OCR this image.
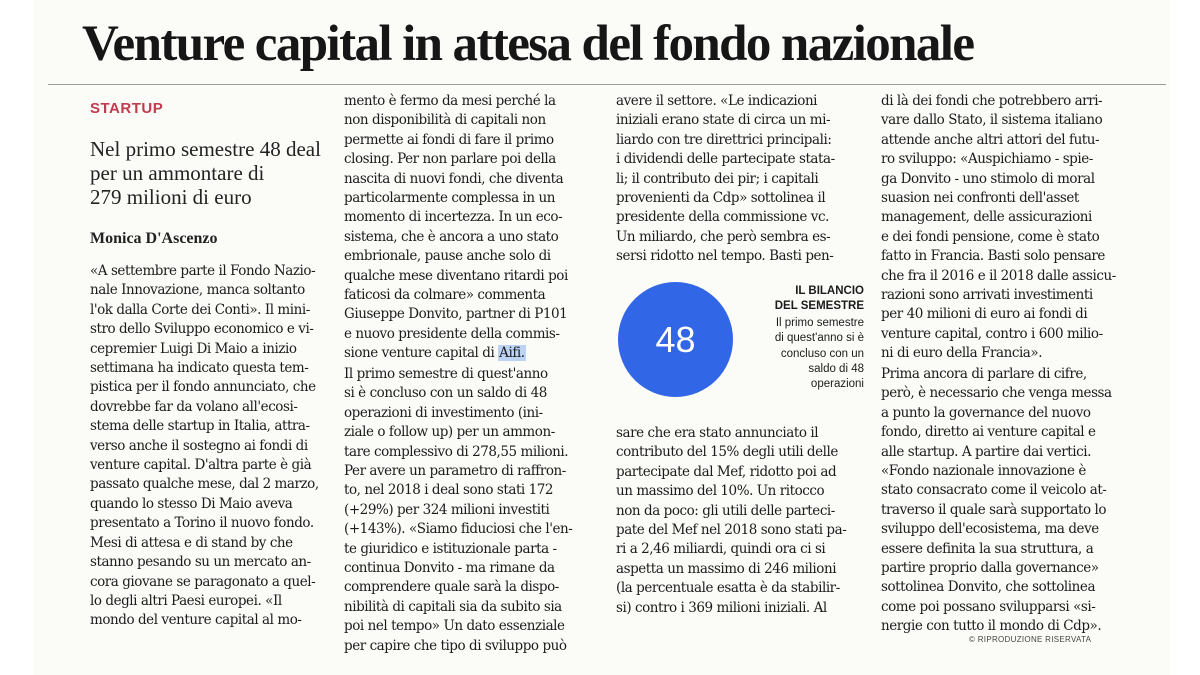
Venture capital in attesa del fondo nazionale

STARTUP

Nel primo semestre 48 deal
per un ammontare di
279 milioni di euro

Monica D'Ascenzo

«A settembre parte il Fondo Nazio-

nale Innovazione, manca soltanto

l'ok dalla Corte dei Conti». Il mini-

stro dello Sviluppo economico e vi-

cepremier Luigi Di Maio a inizio

settimana ha indicato questa tem-

pistica per il fondo annunciato, che

dovrebbe far da volano all'ecosi-

stema delle startup in Italia, attra-

verso anche il sostegno ai fondi di

venture capital. D'altra parte è già

passato qualche mese, dal 2 marzo,

quando lo stesso Di Maio aveva

presentato a Torino il nuovo fondo.

Mesi di attesa e di stand by che

stanno pesando su un mercato an-

cora giovane se paragonato a quel-

lo degli altri Paesi europei. «Il

mondo del venture capital al mo-

mento è fermo da mesi perché la

non disponibilità di capitali non

permette ai fondi di fare il primo

closing. Per non parlare poi della

nascita di nuovi fondi, che diventa

particolarmente complessa in un

momento di incertezza. In un eco-

sistema, che è ancora a uno stato

embrionale, pause anche solo di

qualche mese diventano ritardi poi

faticosi da colmare» commenta

Giuseppe Donvito, partner di P101

e nuovo presidente della commis-

sione venture capital di Aifi.

Il primo semestre di quest'anno

si è concluso con un saldo di 48

operazioni di investimento (ini-

ziale o follow up) per un ammon-

tare complessivo di 278,55 milioni.

Per avere un parametro di raffron-

to, nel 2018 i deal sono stati 172

(+29%) per 324 milioni investiti

(+143%). «Siamo fiduciosi che l'en-

te giuridico e istituzionale parta -

continua Donvito - ma rimane da

comprendere quale sarà la dispo-

nibilità di capitali sia da subito sia

poi nel tempo» Un dato essenziale

per capire che tipo di sviluppo può

avere il settore. «Le indicazioni

iniziali erano state di circa un mi-

liardo con tre direttrici principali:

i dividendi delle partecipate stata-

li; il contributo dei pir; i capitali

provenienti da Cdp» sottolinea il

presidente della commissione vc.

Un miliardo, che però sembra es-

sersi ridotto nel tempo. Basti pen-

48

IL BILANCIO
DEL SEMESTRE

Il primo semestre
di quest'anno si è
concluso con un
saldo di 48
operazioni

sare che era stato annunciato il

contributo del 15% degli utili delle

partecipate dal Mef, ridotto poi ad

un massimo del 10%. Un ritocco

non da poco: gli utili delle parteci-

pate del Mef nel 2018 sono stati pa-

ri a 2,46 miliardi, quindi ora ci si

aspetta un massimo di 246 milioni

(la percentuale esatta è da stabilir-

si) contro i 369 milioni iniziali. Al

di là dei fondi che potrebbero arri-

vare dallo Stato, il sistema italiano

attende anche altri attori del futu-

ro sviluppo: «Auspichiamo - spie-

ga Donvito - uno stimolo di moral

suasion nei confronti dell'asset

management, delle assicurazioni

e dei fondi pensione, come è stato

fatto in Francia. Basti solo pensare

che fra il 2016 e il 2018 dalle assicu-

razioni sono arrivati investimenti

per 40 milioni di euro ai fondi di

venture capital, contro i 600 milio-

ni di euro della Francia».

Prima ancora di parlare di cifre,

però, è necessario che venga messa

a punto la governance del nuovo

fondo, diretto ai venture capital e

alle startup. A partire dai vertici.

«Fondo nazionale innovazione è

stato consacrato come il veicolo at-

traverso il quale sarà supportato lo

sviluppo dell'ecosistema, ma deve

essere definita la sua struttura, a

partire proprio dalla governance»

sottolinea Donvito, che sottolinea

come poi possano svilupparsi «si-

nergie con tutto il mondo di Cdp».

© RIPRODUZIONE RISERVATA
